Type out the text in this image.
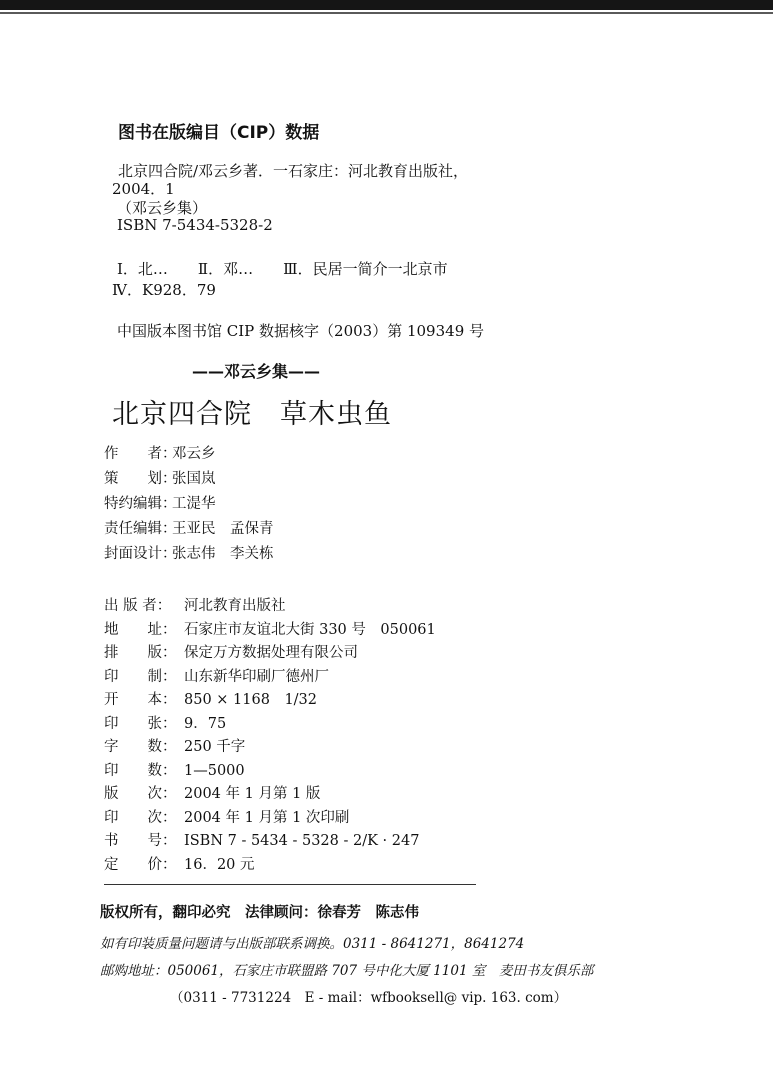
图书在版编目（CIP）数据
北京四合院/邓云乡著．一石家庄：河北教育出版社，
2004．1
（邓云乡集）
ISBN 7-5434-5328-2
Ⅰ．北…　　Ⅱ．邓…　　Ⅲ．民居一简介一北京市
Ⅳ．K928．79
中国版本图书馆 CIP 数据核字（2003）第 109349 号
——邓云乡集——
北京四合院　草木虫鱼
作　　者：邓云乡
策　　划：张国岚
特约编辑：工湜华
责任编辑：王亚民　孟保青
封面设计：张志伟　李关栋
出 版 者： 河北教育出版社
地　　址： 石家庄市友谊北大街 330 号　050061
排　　版： 保定万方数据处理有限公司
印　　制： 山东新华印刷厂德州厂
开　　本： 850 × 1168　1/32
印　　张： 9．75
字　　数： 250 千字
印　　数： 1—5000
版　　次： 2004 年 1 月第 1 版
印　　次： 2004 年 1 月第 1 次印刷
书　　号： ISBN 7 - 5434 - 5328 - 2/K · 247
定　　价： 16．20 元
版权所有，翻印必究　法律顾问：徐春芳　陈志伟
如有印装质量问题请与出版部联系调换。0311 - 8641271，8641274
邮购地址：050061，石家庄市联盟路 707 号中化大厦 1101 室　麦田书友俱乐部
（0311 - 7731224　E - mail：wfbooksell@ vip. 163. com）
